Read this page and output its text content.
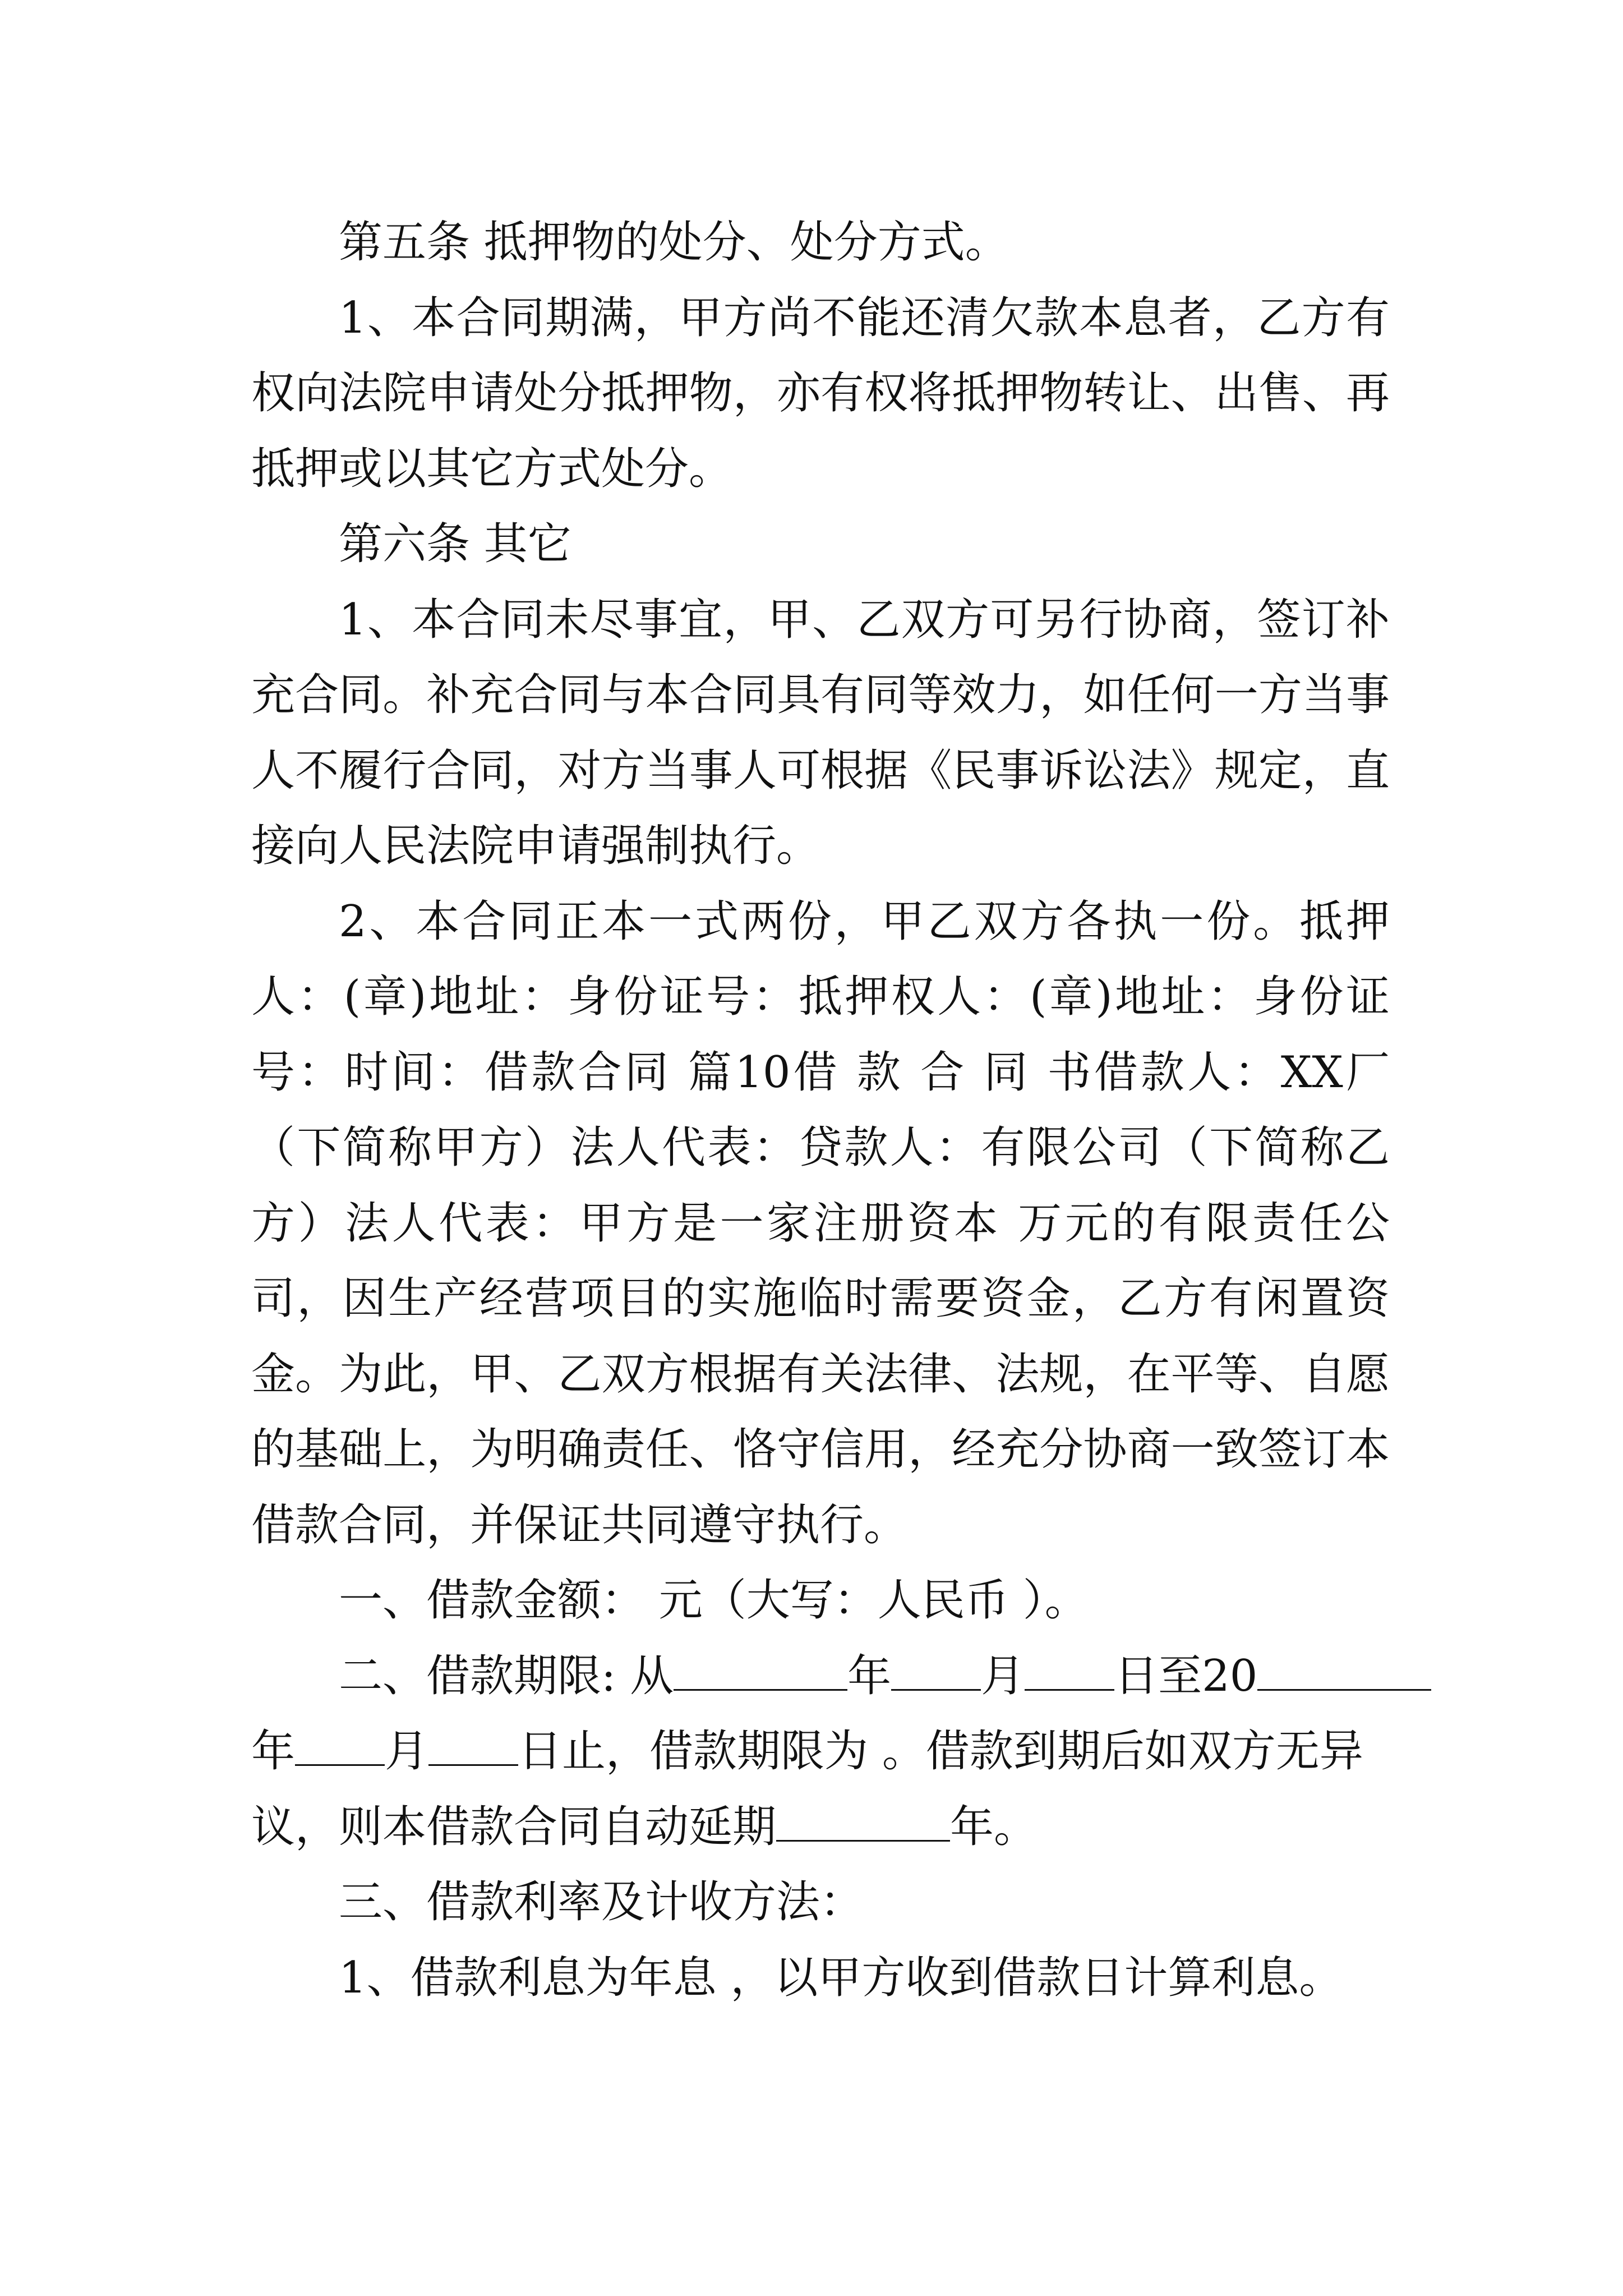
第五条 抵押物的处分、处分方式。

1、本合同期满，甲方尚不能还清欠款本息者，乙方有权向法院申请处分抵押物，亦有权将抵押物转让、出售、再抵押或以其它方式处分。

第六条 其它

1、本合同未尽事宜，甲、乙双方可另行协商，签订补充合同。补充合同与本合同具有同等效力，如任何一方当事人不履行合同，对方当事人可根据《民事诉讼法》规定，直接向人民法院申请强制执行。

2、本合同正本一式两份，甲乙双方各执一份。抵押人：(章)地址：身份证号：抵押权人：(章)地址：身份证号：时间：借款合同 篇10借 款 合 同 书借款人：XX厂 （下简称甲方）法人代表：贷款人：有限公司（下简称乙方）法人代表：甲方是一家注册资本 万元的有限责任公司，因生产经营项目的实施临时需要资金，乙方有闲置资金。为此，甲、乙双方根据有关法律、法规，在平等、自愿的基础上，为明确责任、恪守信用，经充分协商一致签订本借款合同，并保证共同遵守执行。

一、借款金额： 元（大写：人民币 ）。

二、借款期限: 从	年 月 日至20
年 月 日止，借款期限为 。借款到期后如双方无异
议，则本借款合同自动延期	年。

三、借款利率及计收方法：

1、借款利息为年息 ，以甲方收到借款日计算利息。
